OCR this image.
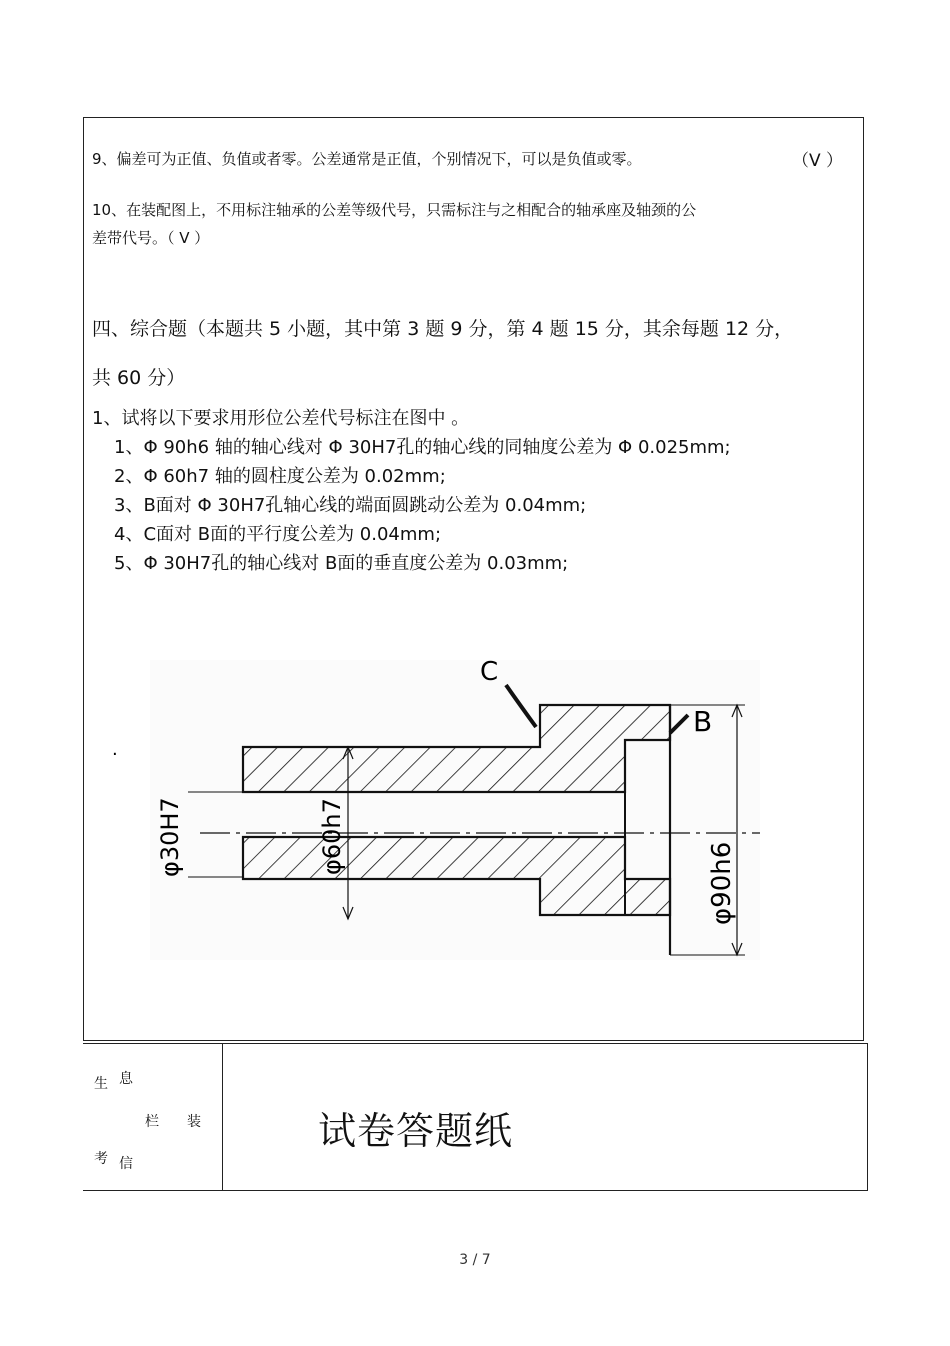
9、偏差可为正值、负值或者零。公差通常是正值，个别情况下，可以是负值或零。	（V ）
10、在装配图上，不用标注轴承的公差等级代号，只需标注与之相配合的轴承座及轴颈的公
差带代号。（ V ）
四、综合题（本题共 5 小题，其中第 3 题 9 分，第 4 题 15 分，其余每题 12 分，
共 60 分）
1、试将以下要求用形位公差代号标注在图中 。
1、Φ 90h6 轴的轴心线对 Φ 30H7孔的轴心线的同轴度公差为 Φ 0.025mm;
2、Φ 60h7 轴的圆柱度公差为 0.02mm;
3、B面对 Φ 30H7孔轴心线的端面圆跳动公差为 0.04mm;
4、C面对 B面的平行度公差为 0.04mm;
5、Φ 30H7孔的轴心线对 B面的垂直度公差为 0.03mm;
C
B
φ30H7	φ60h7
φ90h6
.
生 息
栏 装
考 信
试卷答题纸
3 / 7
